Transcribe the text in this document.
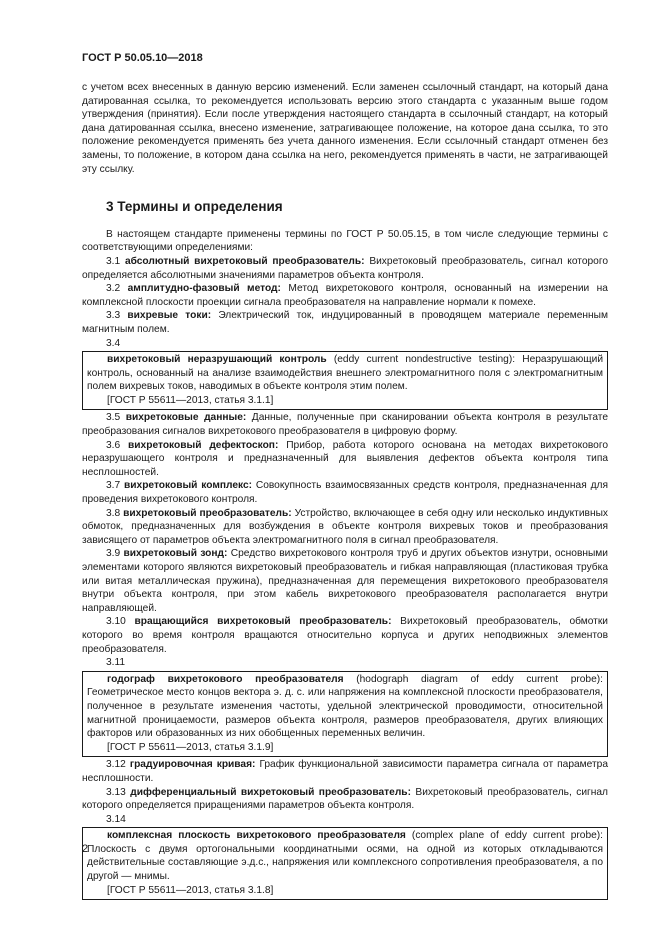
ГОСТ Р 50.05.10—2018

с учетом всех внесенных в данную версию изменений. Если заменен ссылочный стандарт, на который дана датированная ссылка, то рекомендуется использовать версию этого стандарта с указанным выше годом утверждения (принятия). Если после утверждения настоящего стандарта в ссылочный стандарт, на который дана датированная ссылка, внесено изменение, затрагивающее положение, на которое дана ссылка, то это положение рекомендуется применять без учета данного изменения. Если ссылочный стандарт отменен без замены, то положение, в котором дана ссылка на него, рекомендуется применять в части, не затрагивающей эту ссылку.

3 Термины и определения

В настоящем стандарте применены термины по ГОСТ Р 50.05.15, в том числе следующие термины с соответствующими определениями:

3.1 абсолютный вихретоковый преобразователь: Вихретоковый преобразователь, сигнал которого определяется абсолютными значениями параметров объекта контроля.

3.2 амплитудно-фазовый метод: Метод вихретокового контроля, основанный на измерении на комплексной плоскости проекции сигнала преобразователя на направление нормали к помехе.

3.3 вихревые токи: Электрический ток, индуцированный в проводящем материале переменным магнитным полем.

3.4

вихретоковый неразрушающий контроль (eddy current nondestructive testing): Неразрушающий контроль, основанный на анализе взаимодействия внешнего электромагнитного поля с электромагнитным полем вихревых токов, наводимых в объекте контроля этим полем.

[ГОСТ Р 55611—2013, статья 3.1.1]

3.5 вихретоковые данные: Данные, полученные при сканировании объекта контроля в результате преобразования сигналов вихретокового преобразователя в цифровую форму.

3.6 вихретоковый дефектоскоп: Прибор, работа которого основана на методах вихретокового неразрушающего контроля и предназначенный для выявления дефектов объекта контроля типа несплошностей.

3.7 вихретоковый комплекс: Совокупность взаимосвязанных средств контроля, предназначенная для проведения вихретокового контроля.

3.8 вихретоковый преобразователь: Устройство, включающее в себя одну или несколько индуктивных обмоток, предназначенных для возбуждения в объекте контроля вихревых токов и преобразования зависящего от параметров объекта электромагнитного поля в сигнал преобразователя.

3.9 вихретоковый зонд: Средство вихретокового контроля труб и других объектов изнутри, основными элементами которого являются вихретоковый преобразователь и гибкая направляющая (пластиковая трубка или витая металлическая пружина), предназначенная для перемещения вихретокового преобразователя внутри объекта контроля, при этом кабель вихретокового преобразователя располагается внутри направляющей.

3.10 вращающийся вихретоковый преобразователь: Вихретоковый преобразователь, обмотки которого во время контроля вращаются относительно корпуса и других неподвижных элементов преобразователя.

3.11

годограф вихретокового преобразователя (hodograph diagram of eddy current probe): Геометрическое место концов вектора э. д. с. или напряжения на комплексной плоскости преобразователя, полученное в результате изменения частоты, удельной электрической проводимости, относительной магнитной проницаемости, размеров объекта контроля, размеров преобразователя, других влияющих факторов или образованных из них обобщенных переменных величин.

[ГОСТ Р 55611—2013, статья 3.1.9]

3.12 градуировочная кривая: График функциональной зависимости параметра сигнала от параметра несплошности.

3.13 дифференциальный вихретоковый преобразователь: Вихретоковый преобразователь, сигнал которого определяется приращениями параметров объекта контроля.

3.14

комплексная плоскость вихретокового преобразователя (complex plane of eddy current probe): Плоскость с двумя ортогональными координатными осями, на одной из которых откладываются действительные составляющие э.д.с., напряжения или комплексного сопротивления преобразователя, а по другой — мнимы.

[ГОСТ Р 55611—2013, статья 3.1.8]

2
